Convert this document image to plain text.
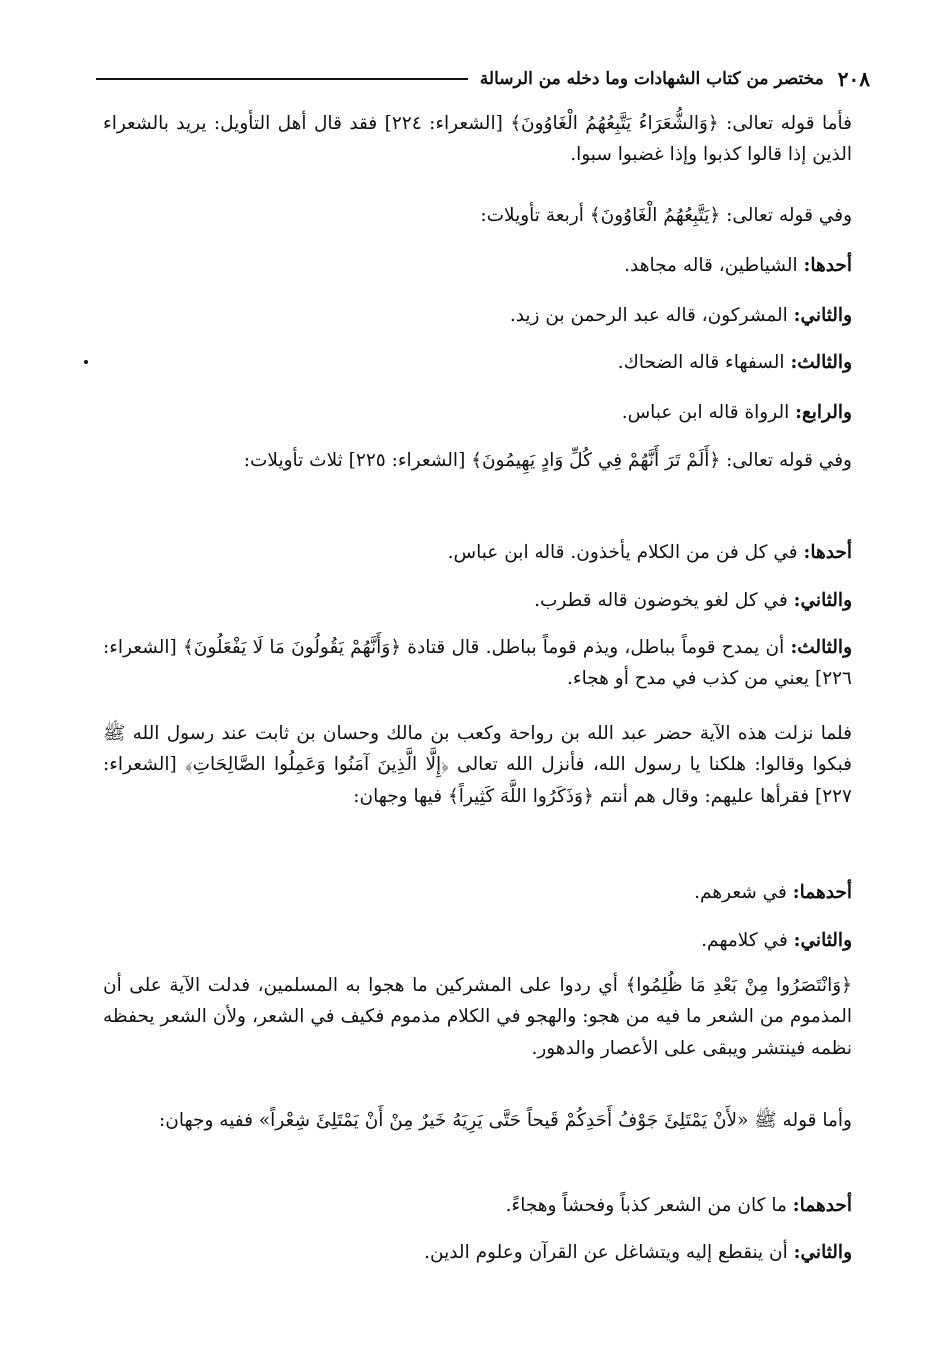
٢٠٨
مختصر من كتاب الشهادات وما دخله من الرسالة

فأما قوله تعالى: ﴿وَالشُّعَرَاءُ يَتَّبِعُهُمُ الْغَاوُونَ﴾ [الشعراء: ٢٢٤] فقد قال أهل التأويل: يريد بالشعراء الذين إذا قالوا كذبوا وإذا غضبوا سبوا.

وفي قوله تعالى: ﴿يَتَّبِعُهُمُ الْغَاوُونَ﴾ أربعة تأويلات:

أحدها: الشياطين، قاله مجاهد.

والثاني: المشركون، قاله عبد الرحمن بن زيد.

والثالث: السفهاء قاله الضحاك.

والرابع: الرواة قاله ابن عباس.

وفي قوله تعالى: ﴿أَلَمْ تَرَ أَنَّهُمْ فِي كُلِّ وَادٍ يَهِيمُونَ﴾ [الشعراء: ٢٢٥] ثلاث تأويلات:

أحدها: في كل فن من الكلام يأخذون. قاله ابن عباس.

والثاني: في كل لغو يخوضون قاله قطرب.

والثالث: أن يمدح قوماً بباطل، ويذم قوماً بباطل. قال قتادة ﴿وَأَنَّهُمْ يَقُولُونَ مَا لَا يَفْعَلُونَ﴾ [الشعراء: ٢٢٦] يعني من كذب في مدح أو هجاء.

فلما نزلت هذه الآية حضر عبد الله بن رواحة وكعب بن مالك وحسان بن ثابت عند رسول الله ﷺ فبكوا وقالوا: هلكنا يا رسول الله، فأنزل الله تعالى ﴿إِلَّا الَّذِينَ آمَنُوا وَعَمِلُوا الصَّالِحَاتِ﴾ [الشعراء: ٢٢٧] فقرأها عليهم: وقال هم أنتم ﴿وَذَكَرُوا اللَّهَ كَثِيراً﴾ فيها وجهان:

أحدهما: في شعرهم.

والثاني: في كلامهم.

﴿وَانْتَصَرُوا مِنْ بَعْدِ مَا ظُلِمُوا﴾ أي ردوا على المشركين ما هجوا به المسلمين، فدلت الآية على أن المذموم من الشعر ما فيه من هجو: والهجو في الكلام مذموم فكيف في الشعر، ولأن الشعر يحفظه نظمه فينتشر ويبقى على الأعصار والدهور.

وأما قوله ﷺ «لأَنْ يَمْتَلِئَ جَوْفُ أَحَدِكُمْ قَيحاً حَتَّى يَرِيَهُ خَيرٌ مِنْ أَنْ يَمْتَلِئَ شِعْراً» ففيه وجهان:

أحدهما: ما كان من الشعر كذباً وفحشاً وهجاءً.

والثاني: أن ينقطع إليه ويتشاغل عن القرآن وعلوم الدين.
